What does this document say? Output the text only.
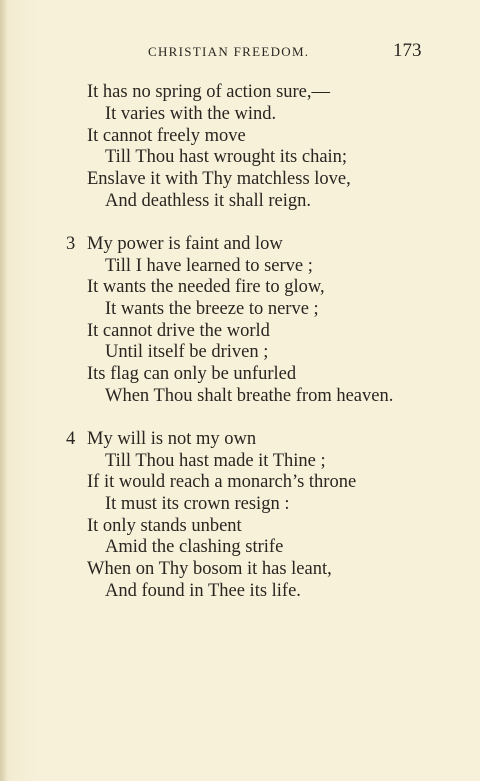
CHRISTIAN FREEDOM.	173
It has no spring of action sure,—
It varies with the wind.
It cannot freely move
Till Thou hast wrought its chain;
Enslave it with Thy matchless love,
And deathless it shall reign.
3 My power is faint and low
Till I have learned to serve ;
It wants the needed fire to glow,
It wants the breeze to nerve ;
It cannot drive the world
Until itself be driven ;
Its flag can only be unfurled
When Thou shalt breathe from heaven.
4 My will is not my own
Till Thou hast made it Thine ;
If it would reach a monarch’s throne
It must its crown resign :
It only stands unbent
Amid the clashing strife
When on Thy bosom it has leant,
And found in Thee its life.
